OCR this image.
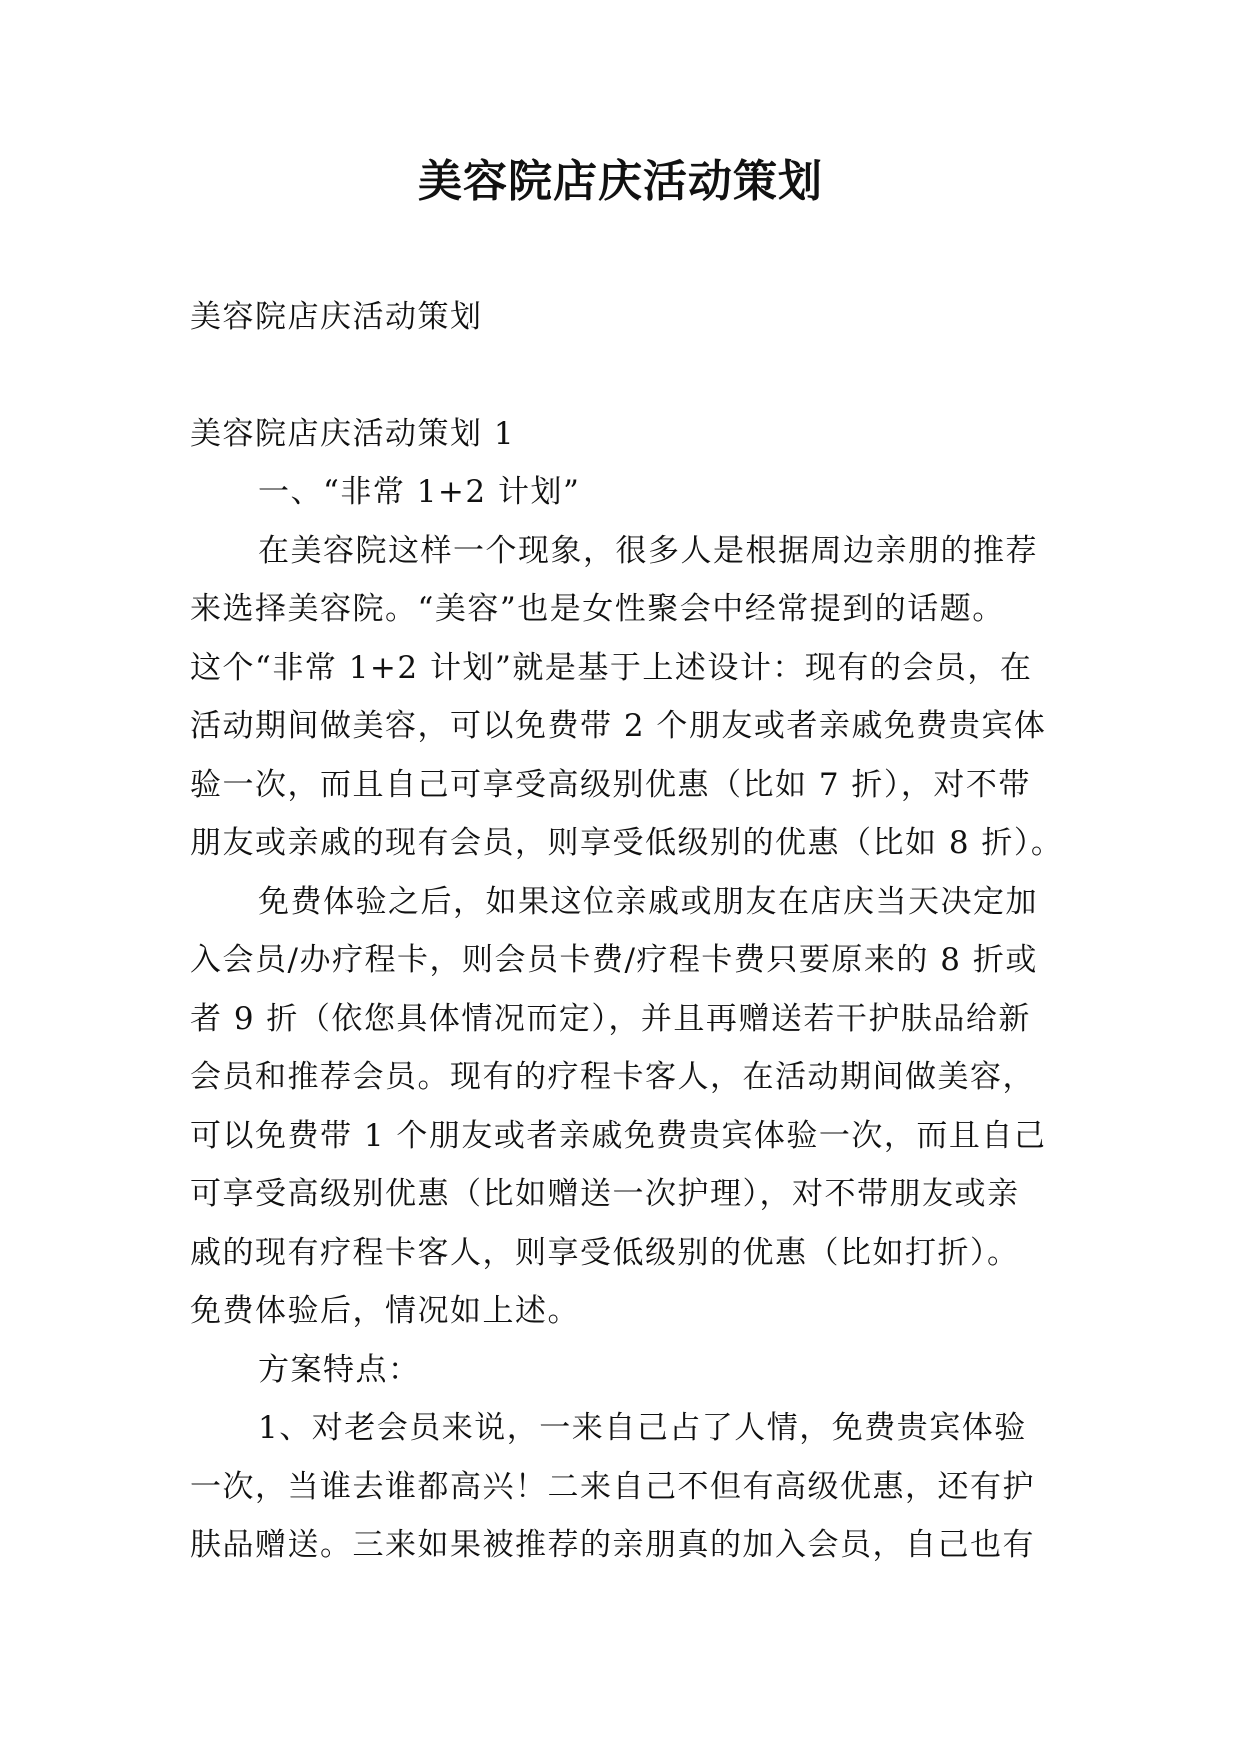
美容院店庆活动策划

美容院店庆活动策划

美容院店庆活动策划 1

一、“非常 1+2 计划”

在美容院这样一个现象，很多人是根据周边亲朋的推荐

来选择美容院。“美容”也是女性聚会中经常提到的话题。

这个“非常 1+2 计划”就是基于上述设计：现有的会员，在

活动期间做美容，可以免费带 2 个朋友或者亲戚免费贵宾体

验一次，而且自己可享受高级别优惠（比如 7 折），对不带

朋友或亲戚的现有会员，则享受低级别的优惠（比如 8 折）。

免费体验之后，如果这位亲戚或朋友在店庆当天决定加

入会员/办疗程卡，则会员卡费/疗程卡费只要原来的 8 折或

者 9 折（依您具体情况而定），并且再赠送若干护肤品给新

会员和推荐会员。现有的疗程卡客人，在活动期间做美容，

可以免费带 1 个朋友或者亲戚免费贵宾体验一次，而且自己

可享受高级别优惠（比如赠送一次护理），对不带朋友或亲

戚的现有疗程卡客人，则享受低级别的优惠（比如打折）。

免费体验后，情况如上述。

方案特点：

1、对老会员来说，一来自己占了人情，免费贵宾体验

一次，当谁去谁都高兴！二来自己不但有高级优惠，还有护

肤品赠送。三来如果被推荐的亲朋真的加入会员，自己也有
